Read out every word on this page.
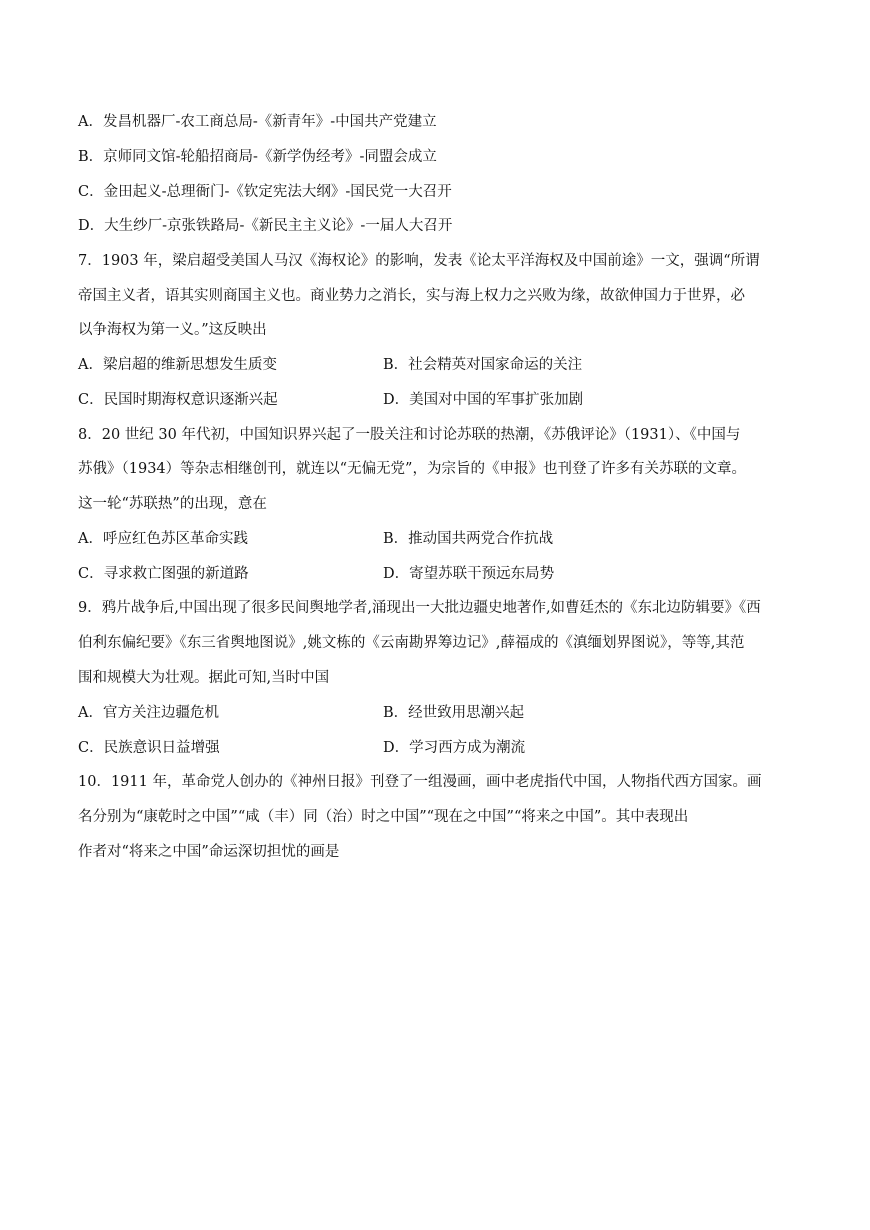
A．发昌机器厂-农工商总局-《新青年》-中国共产党建立
B．京师同文馆-轮船招商局-《新学伪经考》-同盟会成立
C．金田起义-总理衙门-《钦定宪法大纲》-国民党一大召开
D．大生纱厂-京张铁路局-《新民主主义论》-一届人大召开
7．1903 年，梁启超受美国人马汉《海权论》的影响，发表《论太平洋海权及中国前途》一文，强调“所谓
帝国主义者，语其实则商国主义也。商业势力之消长，实与海上权力之兴败为缘，故欲伸国力于世界，必
以争海权为第一义。”这反映出
A．梁启超的维新思想发生质变	B．社会精英对国家命运的关注
C．民国时期海权意识逐渐兴起	D．美国对中国的军事扩张加剧
8．20 世纪 30 年代初，中国知识界兴起了一股关注和讨论苏联的热潮，《苏俄评论》（1931）、《中国与
苏俄》（1934）等杂志相继创刊，就连以“无偏无党”，为宗旨的《申报》也刊登了许多有关苏联的文章。
这一轮“苏联热”的出现，意在
A．呼应红色苏区革命实践	B．推动国共两党合作抗战
C．寻求救亡图强的新道路	D．寄望苏联干预远东局势
9．鸦片战争后,中国出现了很多民间舆地学者,涌现出一大批边疆史地著作,如曹廷杰的《东北边防辑要》《西
伯利东偏纪要》《东三省舆地图说》,姚文栋的《云南勘界筹边记》,薛福成的《滇缅划界图说》，等等,其范
围和规模大为壮观。据此可知,当时中国
A．官方关注边疆危机	B．经世致用思潮兴起
C．民族意识日益增强	D．学习西方成为潮流
10．1911 年，革命党人创办的《神州日报》刊登了一组漫画，画中老虎指代中国，人物指代西方国家。画
名分别为“康乾时之中国”“咸（丰）同（治）时之中国”“现在之中国”“将来之中国”。其中表现出
作者对“将来之中国”命运深切担忧的画是
